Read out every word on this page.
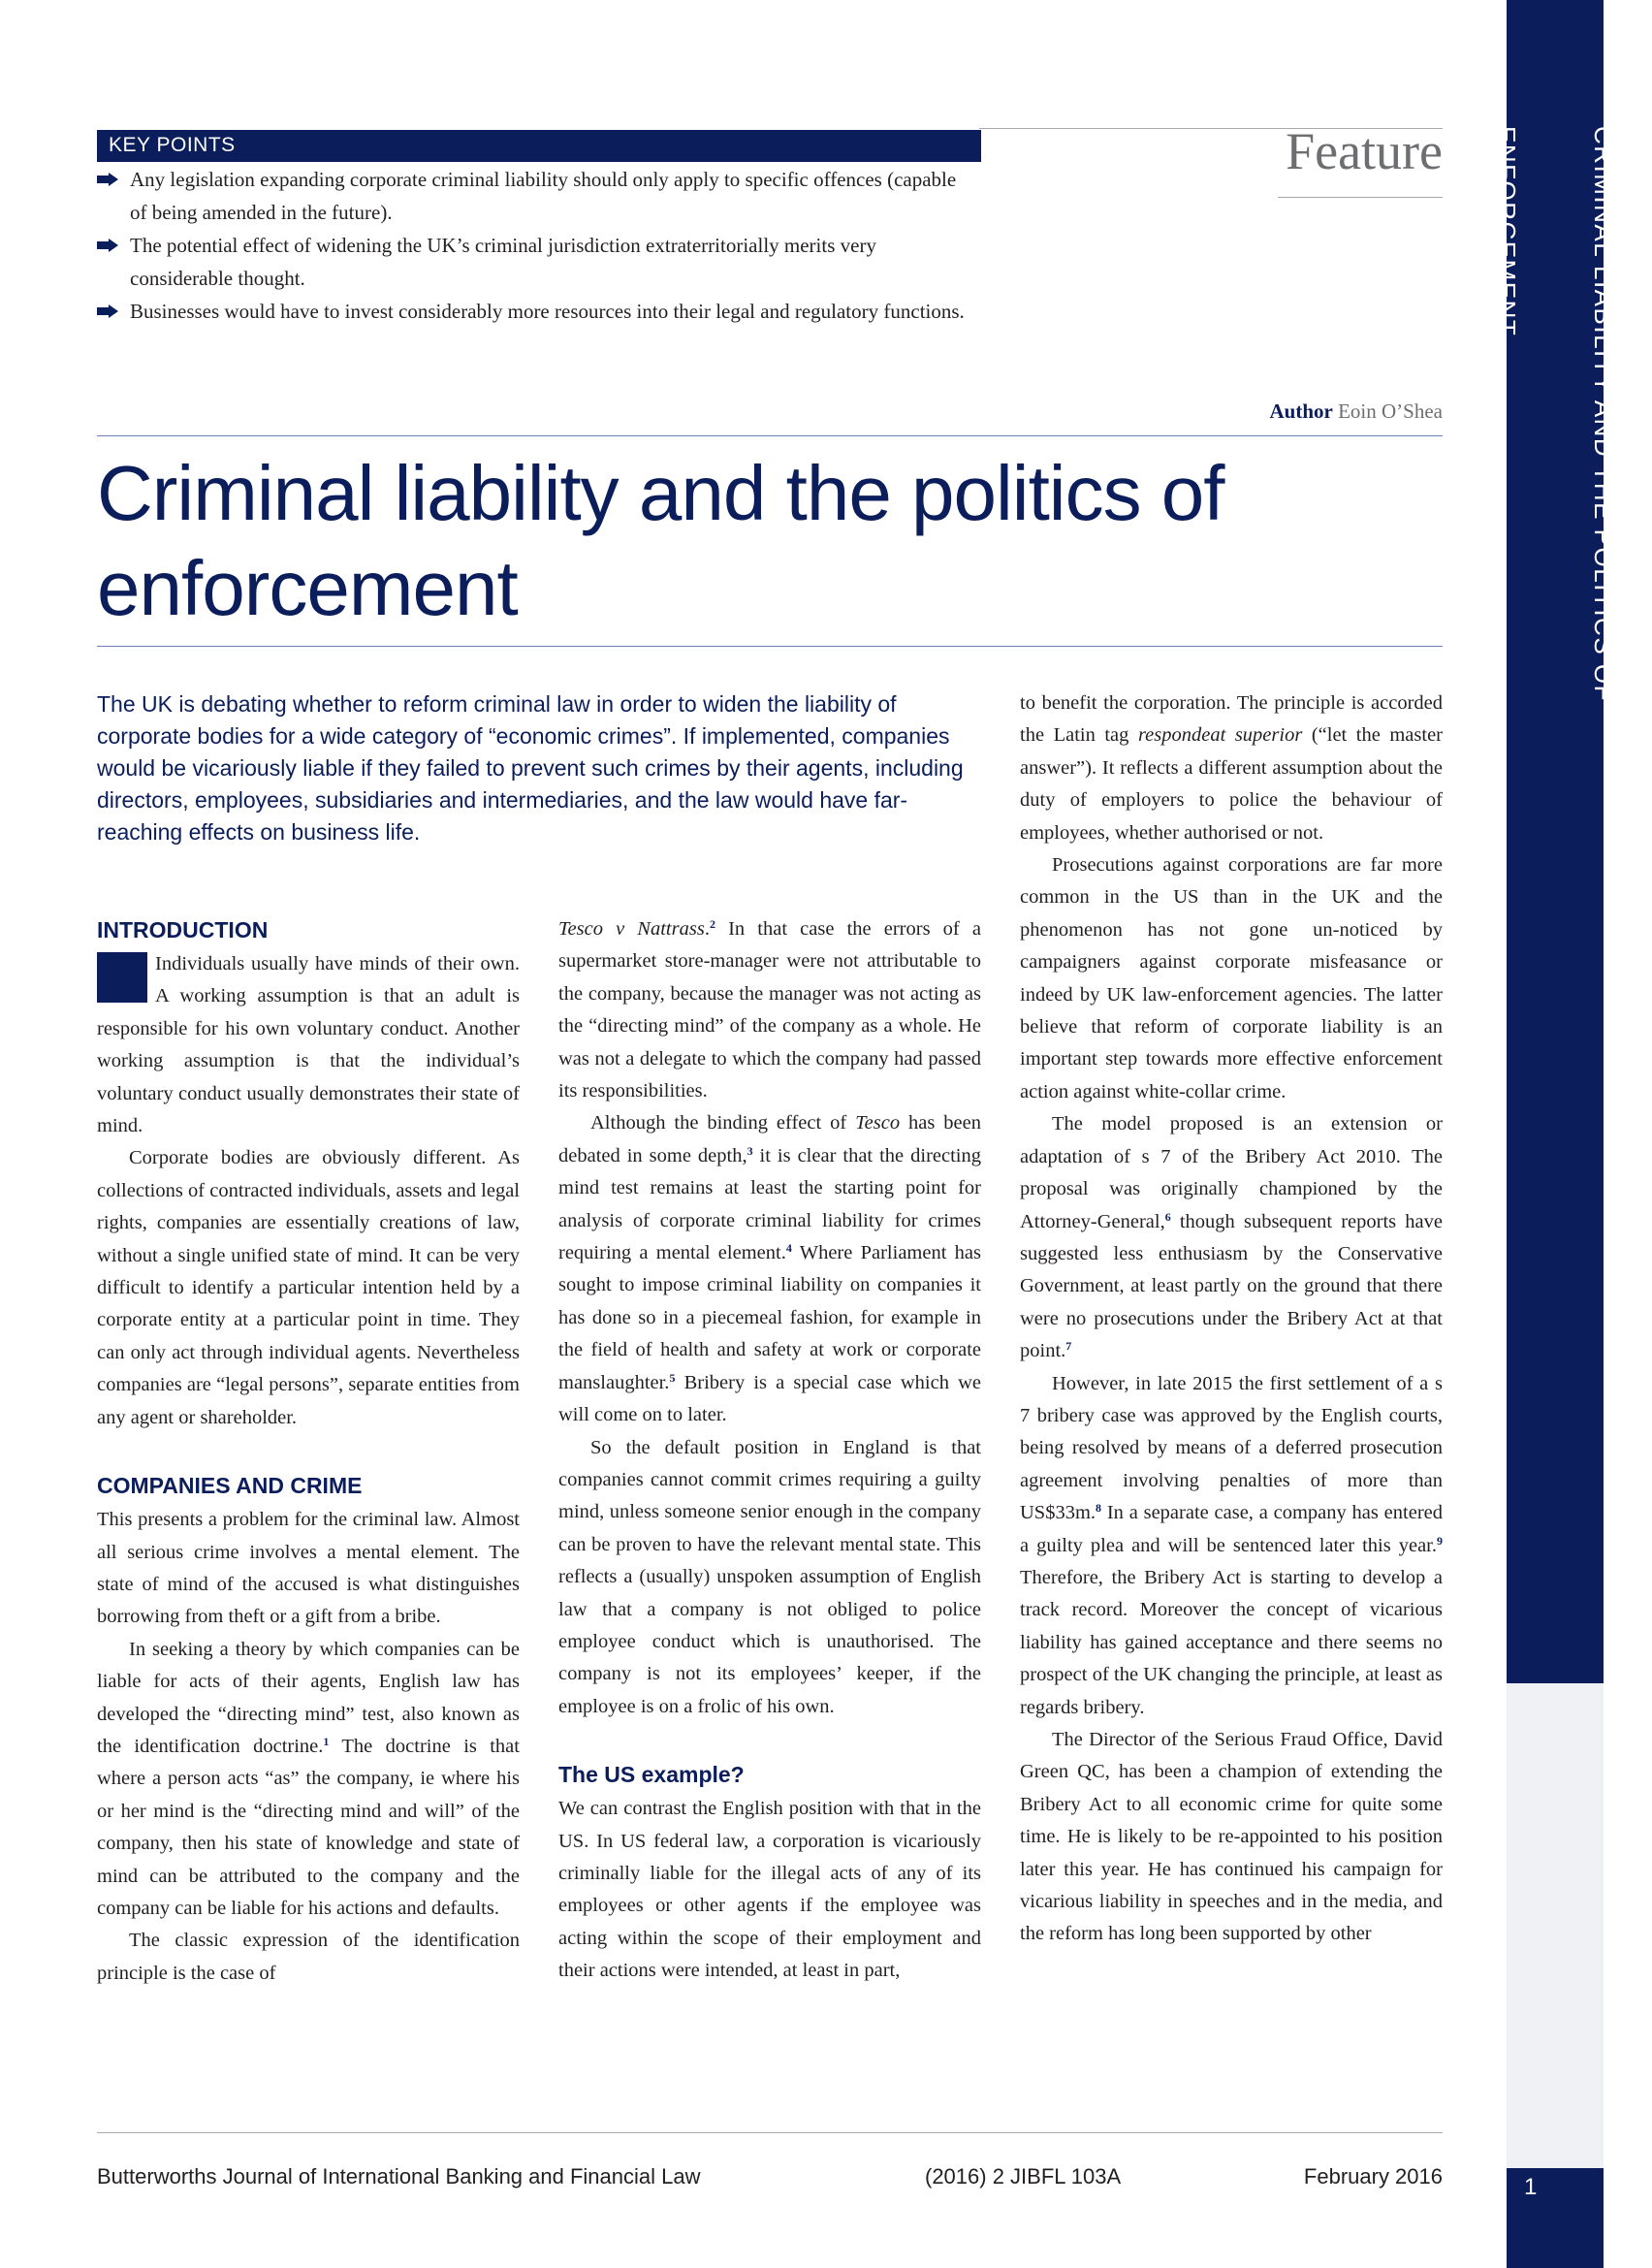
CRIMINAL LIABILITY AND THE POLITICS OF ENFORCEMENT
1
KEY POINTS
Any legislation expanding corporate criminal liability should only apply to specific offences (capable of being amended in the future).
The potential effect of widening the UK’s criminal jurisdiction extraterritorially merits very considerable thought.
Businesses would have to invest considerably more resources into their legal and regulatory functions.
Feature
Author Eoin O’Shea
Criminal liability and the politics of enforcement

The UK is debating whether to reform criminal law in order to widen the liability of corporate bodies for a wide category of “economic crimes”. If implemented, companies would be vicariously liable if they failed to prevent such crimes by their agents, including directors, employees, subsidiaries and intermediaries, and the law would have far-reaching effects on business life.

INTRODUCTION

Individuals usually have minds of their own. A working assumption is that an adult is responsible for his own voluntary conduct. Another working assumption is that the individual’s voluntary conduct usually demonstrates their state of mind.

Corporate bodies are obviously different. As collections of contracted individuals, assets and legal rights, companies are essentially creations of law, without a single unified state of mind. It can be very difficult to identify a particular intention held by a corporate entity at a particular point in time. They can only act through individual agents. Nevertheless companies are “legal persons”, separate entities from any agent or shareholder.

COMPANIES AND CRIME

This presents a problem for the criminal law. Almost all serious crime involves a mental element. The state of mind of the accused is what distinguishes borrowing from theft or a gift from a bribe.

In seeking a theory by which companies can be liable for acts of their agents, English law has developed the “directing mind” test, also known as the identification doctrine.$^1$ The doctrine is that where a person acts “as” the company, ie where his or her mind is the “directing mind and will” of the company, then his state of knowledge and state of mind can be attributed to the company and the company can be liable for his actions and defaults.

The classic expression of the identification principle is the case of

Tesco v Nattrass.$^2$ In that case the errors of a supermarket store-manager were not attributable to the company, because the manager was not acting as the “directing mind” of the company as a whole. He was not a delegate to which the company had passed its responsibilities.

Although the binding effect of Tesco has been debated in some depth,$^3$ it is clear that the directing mind test remains at least the starting point for analysis of corporate criminal liability for crimes requiring a mental element.$^4$ Where Parliament has sought to impose criminal liability on companies it has done so in a piecemeal fashion, for example in the field of health and safety at work or corporate manslaughter.$^5$ Bribery is a special case which we will come on to later.

So the default position in England is that companies cannot commit crimes requiring a guilty mind, unless someone senior enough in the company can be proven to have the relevant mental state. This reflects a (usually) unspoken assumption of English law that a company is not obliged to police employee conduct which is unauthorised. The company is not its employees’ keeper, if the employee is on a frolic of his own.

The US example?

We can contrast the English position with that in the US. In US federal law, a corporation is vicariously criminally liable for the illegal acts of any of its employees or other agents if the employee was acting within the scope of their employment and their actions were intended, at least in part,

to benefit the corporation. The principle is accorded the Latin tag respondeat superior (“let the master answer”). It reflects a different assumption about the duty of employers to police the behaviour of employees, whether authorised or not.

Prosecutions against corporations are far more common in the US than in the UK and the phenomenon has not gone un-noticed by campaigners against corporate misfeasance or indeed by UK law-enforcement agencies. The latter believe that reform of corporate liability is an important step towards more effective enforcement action against white-collar crime.

The model proposed is an extension or adaptation of s 7 of the Bribery Act 2010. The proposal was originally championed by the Attorney-General,$^6$ though subsequent reports have suggested less enthusiasm by the Conservative Government, at least partly on the ground that there were no prosecutions under the Bribery Act at that point.$^7$

However, in late 2015 the first settlement of a s 7 bribery case was approved by the English courts, being resolved by means of a deferred prosecution agreement involving penalties of more than US$33m.$^8$ In a separate case, a company has entered a guilty plea and will be sentenced later this year.$^9$ Therefore, the Bribery Act is starting to develop a track record. Moreover the concept of vicarious liability has gained acceptance and there seems no prospect of the UK changing the principle, at least as regards bribery.

The Director of the Serious Fraud Office, David Green QC, has been a champion of extending the Bribery Act to all economic crime for quite some time. He is likely to be re-appointed to his position later this year. He has continued his campaign for vicarious liability in speeches and in the media, and the reform has long been supported by other

Butterworths Journal of International Banking and Financial Law	(2016) 2 JIBFL 103A	February 2016
